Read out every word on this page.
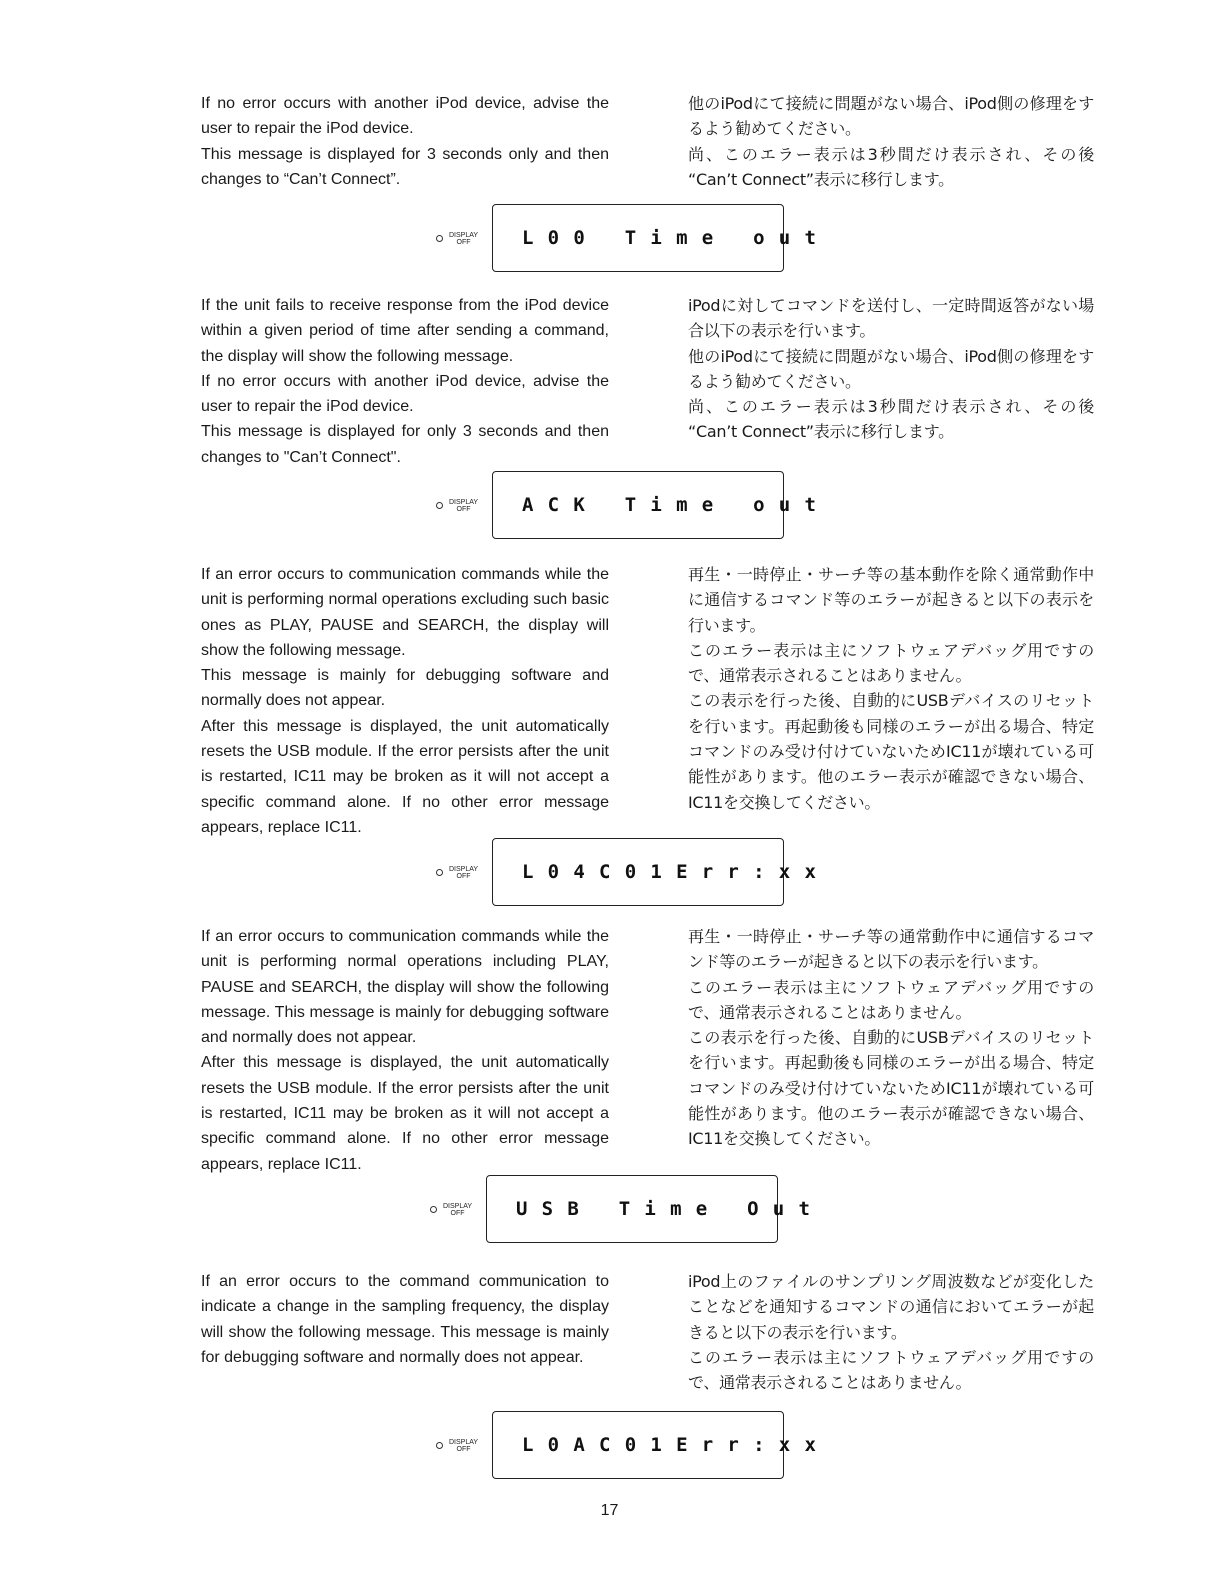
If no error occurs with another iPod device, advise the user to repair the iPod device.

This message is displayed for 3 seconds only and then changes to “Can’t Connect”.

他のiPodにて接続に問題がない場合、iPod側の修理をするよう勧めてください。

尚、このエラー表示は3秒間だけ表示され、その後 “Can’t Connect”表示に移行します。

DISPLAY
OFF	L 0 0   T i m e   o u t

If the unit fails to receive response from the iPod device within a given period of time after sending a command, the display will show the following message.

If no error occurs with another iPod device, advise the user to repair the iPod device.

This message is displayed for only 3 seconds and then changes to "Can’t Connect".

iPodに対してコマンドを送付し、一定時間返答がない場合以下の表示を行います。

他のiPodにて接続に問題がない場合、iPod側の修理をするよう勧めてください。

尚、このエラー表示は3秒間だけ表示され、その後 “Can’t Connect”表示に移行します。

DISPLAY
OFF	A C K   T i m e   o u t

If an error occurs to communication commands while the unit is performing normal operations excluding such basic ones as PLAY, PAUSE and SEARCH, the display will show the following message.

This message is mainly for debugging software and normally does not appear.

After this message is displayed, the unit automatically resets the USB module. If the error persists after the unit is restarted, IC11 may be broken as it will not accept a specific command alone. If no other error message appears, replace IC11.

再生・一時停止・サーチ等の基本動作を除く通常動作中に通信するコマンド等のエラーが起きると以下の表示を行います。

このエラー表示は主にソフトウェアデバッグ用ですので、通常表示されることはありません。

この表示を行った後、自動的にUSBデバイスのリセットを行います。再起動後も同様のエラーが出る場合、特定コマンドのみ受け付けていないためIC11が壊れている可能性があります。他のエラー表示が確認できない場合、IC11を交換してください。

DISPLAY
OFF	L 0 4 C 0 1 E r r : x x

If an error occurs to communication commands while the unit is performing normal operations including PLAY, PAUSE and SEARCH, the display will show the following message. This message is mainly for debugging software and normally does not appear.

After this message is displayed, the unit automatically resets the USB module. If the error persists after the unit is restarted, IC11 may be broken as it will not accept a specific command alone. If no other error message appears, replace IC11.

再生・一時停止・サーチ等の通常動作中に通信するコマンド等のエラーが起きると以下の表示を行います。

このエラー表示は主にソフトウェアデバッグ用ですので、通常表示されることはありません。

この表示を行った後、自動的にUSBデバイスのリセットを行います。再起動後も同様のエラーが出る場合、特定コマンドのみ受け付けていないためIC11が壊れている可能性があります。他のエラー表示が確認できない場合、IC11を交換してください。

DISPLAY
OFF	U S B   T i m e   O u t

If an error occurs to the command communication to indicate a change in the sampling frequency, the display will show the following message. This message is mainly for debugging software and normally does not appear.

iPod上のファイルのサンプリング周波数などが変化したことなどを通知するコマンドの通信においてエラーが起きると以下の表示を行います。

このエラー表示は主にソフトウェアデバッグ用ですので、通常表示されることはありません。

DISPLAY
OFF	L 0 A C 0 1 E r r : x x
17
